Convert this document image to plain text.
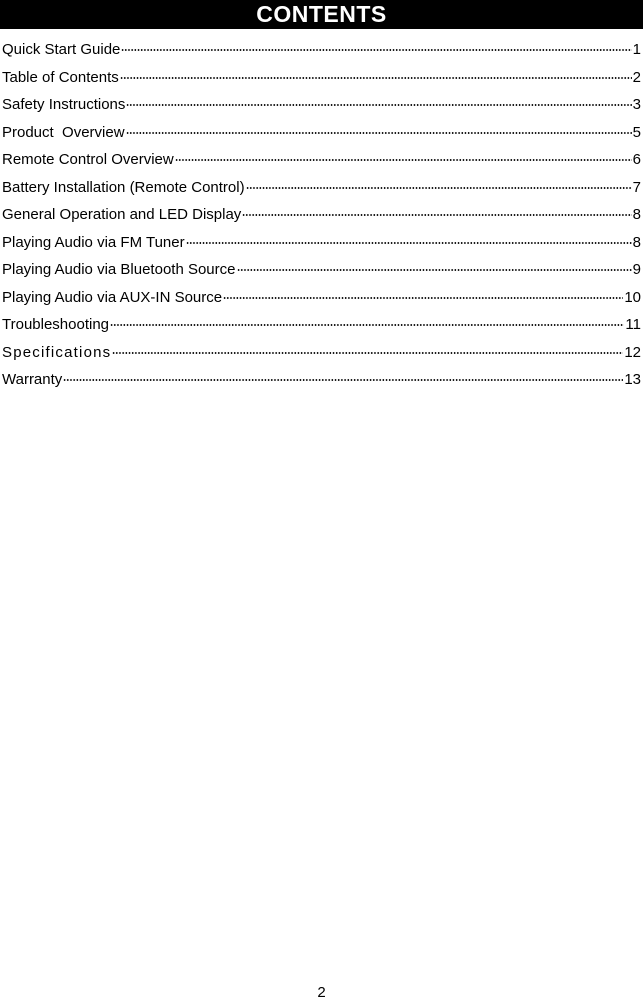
CONTENTS
Quick Start Guide	1
Table of Contents	2
Safety Instructions	3
Product  Overview	5
Remote Control Overview	6
Battery Installation (Remote Control)	7
General Operation and LED Display	8
Playing Audio via FM Tuner	8
Playing Audio via Bluetooth Source	9
Playing Audio via AUX-IN Source	10
Troubleshooting	11
Specifications	12
Warranty	13
2
